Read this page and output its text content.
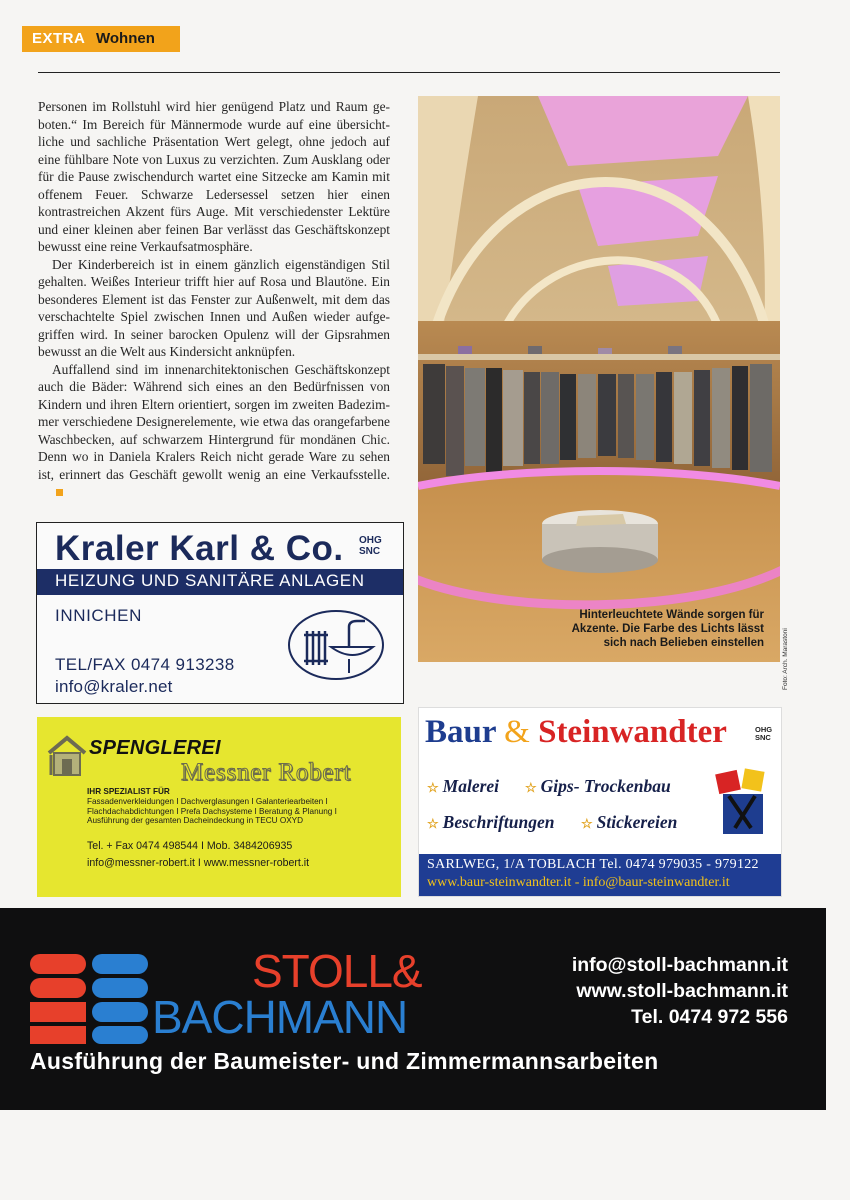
EXTRA Wohnen

Personen im Rollstuhl wird hier genügend Platz und Raum geboten.“ Im Bereich für Männermode wurde auf eine übersichtliche und sachliche Präsentation Wert gelegt, ohne jedoch auf eine fühlbare Note von Luxus zu verzichten. Zum Ausklang oder für die Pause zwischendurch wartet eine Sitzecke am Kamin mit offenem Feuer. Schwarze Ledersessel setzen hier einen kontrastreichen Akzent fürs Auge. Mit verschiedenster Lektüre und einer kleinen aber feinen Bar verlässt das Geschäftskonzept bewusst eine reine Verkaufsatmosphäre.

Der Kinderbereich ist in einem gänzlich eigenständigen Stil gehalten. Weißes Interieur trifft hier auf Rosa und Blautöne. Ein besonderes Element ist das Fenster zur Außenwelt, mit dem das verschachtelte Spiel zwischen Innen und Außen wieder aufgegriffen wird. In seiner barocken Opulenz will der Gipsrahmen bewusst an die Welt aus Kindersicht anknüpfen.

Auffallend sind im innenarchitektonischen Geschäftskonzept auch die Bäder: Während sich eines an den Bedürfnissen von Kindern und ihren Eltern orientiert, sorgen im zweiten Badezimmer verschiedene Designerelemente, wie etwa das orangefarbene Waschbecken, auf schwarzem Hintergrund für mondänen Chic. Denn wo in Daniela Kralers Reich nicht gerade Ware zu sehen ist, erinnert das Geschäft gewollt wenig an eine Verkaufsstelle.

Hinterleuchtete Wände sorgen für
Akzente. Die Farbe des Lichts lässt
sich nach Belieben einstellen	Foto: Arch. Marastoni
Kraler Karl & Co. OHG
SNC
HEIZUNG UND SANITÄRE ANLAGEN
INNICHEN
TEL/FAX 0474 913238
info@kraler.net
SPENGLEREI
Messner Robert
IHR SPEZIALIST FÜR
Fassadenverkleidungen I Dachverglasungen I Galanteriearbeiten I
Flachdachabdichtungen I Prefa Dachsysteme I Beratung & Planung I
Ausführung der gesamten Dacheindeckung in TECU OXYD
Tel. + Fax 0474 498544 I Mob. 3484206935
info@messner-robert.it I www.messner-robert.it
Baur & Steinwandter	OHG
SNC
☆ Malerei ☆ Gips- Trockenbau
☆ Beschriftungen ☆ Stickereien
SARLWEG, 1/A TOBLACH Tel. 0474 979035 - 979122
www.baur-steinwandter.it - info@baur-steinwandter.it
STOLL&
BACHMANN
info@stoll-bachmann.it
www.stoll-bachmann.it
Tel. 0474 972 556
Ausführung der Baumeister- und Zimmermannsarbeiten
